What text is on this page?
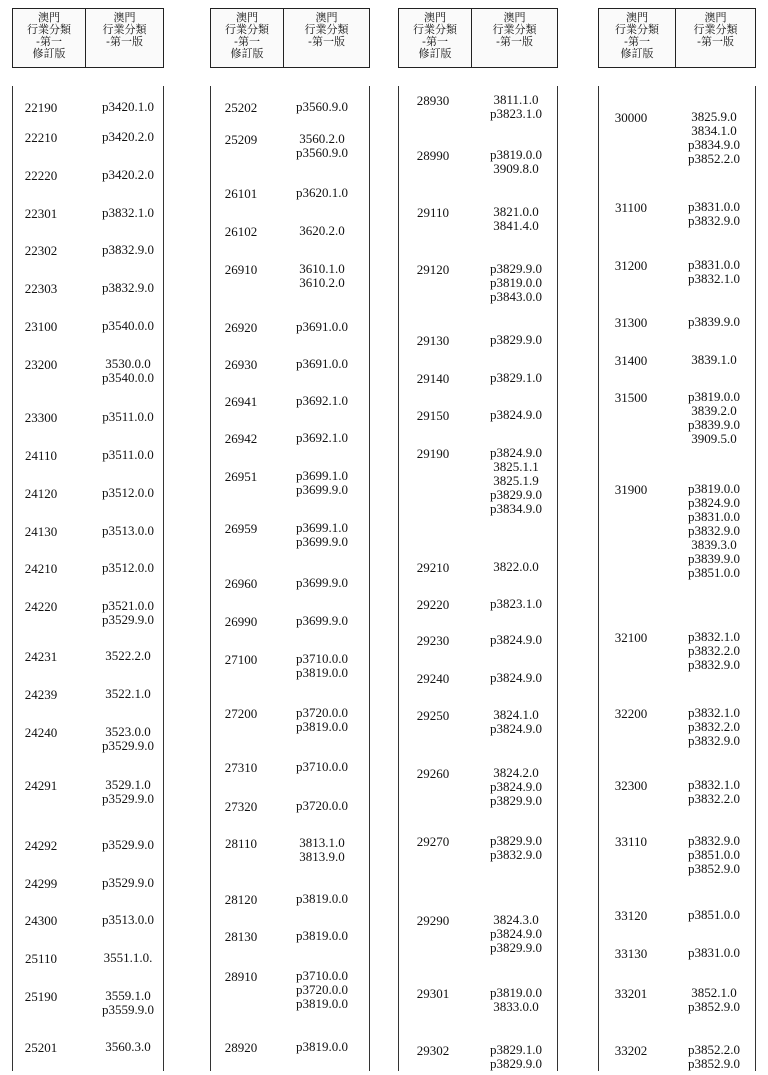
澳門
行業分類
-第一
修訂版
澳門
行業分類
-第一版
22190	p3420.1.0
22210	p3420.2.0
22220	p3420.2.0
22301	p3832.1.0
22302	p3832.9.0
22303	p3832.9.0
23100	p3540.0.0
23200	3530.0.0
p3540.0.0
23300	p3511.0.0
24110	p3511.0.0
24120	p3512.0.0
24130	p3513.0.0
24210	p3512.0.0
24220	p3521.0.0
p3529.9.0
24231	3522.2.0
24239	3522.1.0
24240	3523.0.0
p3529.9.0
24291	3529.1.0
p3529.9.0
24292	p3529.9.0
24299	p3529.9.0
24300	p3513.0.0
25110	3551.1.0.
25190	3559.1.0
p3559.9.0
25201	3560.3.0
澳門
行業分類
-第一
修訂版
澳門
行業分類
-第一版
25202	p3560.9.0
25209	3560.2.0
p3560.9.0
26101	p3620.1.0
26102	3620.2.0
26910	3610.1.0
3610.2.0
26920	p3691.0.0
26930	p3691.0.0
26941	p3692.1.0
26942	p3692.1.0
26951	p3699.1.0
p3699.9.0
26959	p3699.1.0
p3699.9.0
26960	p3699.9.0
26990	p3699.9.0
27100	p3710.0.0
p3819.0.0
27200	p3720.0.0
p3819.0.0
27310	p3710.0.0
27320	p3720.0.0
28110	3813.1.0
3813.9.0
28120	p3819.0.0
28130	p3819.0.0
28910	p3710.0.0
p3720.0.0
p3819.0.0
28920	p3819.0.0
澳門
行業分類
-第一
修訂版
澳門
行業分類
-第一版
28930	3811.1.0
p3823.1.0
28990	p3819.0.0
3909.8.0
29110	3821.0.0
3841.4.0
29120	p3829.9.0
p3819.0.0
p3843.0.0
29130	p3829.9.0
29140	p3829.1.0
29150	p3824.9.0
29190	p3824.9.0
3825.1.1
3825.1.9
p3829.9.0
p3834.9.0
29210	3822.0.0
29220	p3823.1.0
29230	p3824.9.0
29240	p3824.9.0
29250	3824.1.0
p3824.9.0
29260	3824.2.0
p3824.9.0
p3829.9.0
29270	p3829.9.0
p3832.9.0
29290	3824.3.0
p3824.9.0
p3829.9.0
29301	p3819.0.0
3833.0.0
29302	p3829.1.0
p3829.9.0
澳門
行業分類
-第一
修訂版
澳門
行業分類
-第一版
30000	3825.9.0
3834.1.0
p3834.9.0
p3852.2.0
31100	p3831.0.0
p3832.9.0
31200	p3831.0.0
p3832.1.0
31300	p3839.9.0
31400	3839.1.0
31500	p3819.0.0
3839.2.0
p3839.9.0
3909.5.0
31900	p3819.0.0
p3824.9.0
p3831.0.0
p3832.9.0
3839.3.0
p3839.9.0
p3851.0.0
32100	p3832.1.0
p3832.2.0
p3832.9.0
32200	p3832.1.0
p3832.2.0
p3832.9.0
32300	p3832.1.0
p3832.2.0
33110	p3832.9.0
p3851.0.0
p3852.9.0
33120	p3851.0.0
33130	p3831.0.0
33201	3852.1.0
p3852.9.0
33202	p3852.2.0
p3852.9.0
